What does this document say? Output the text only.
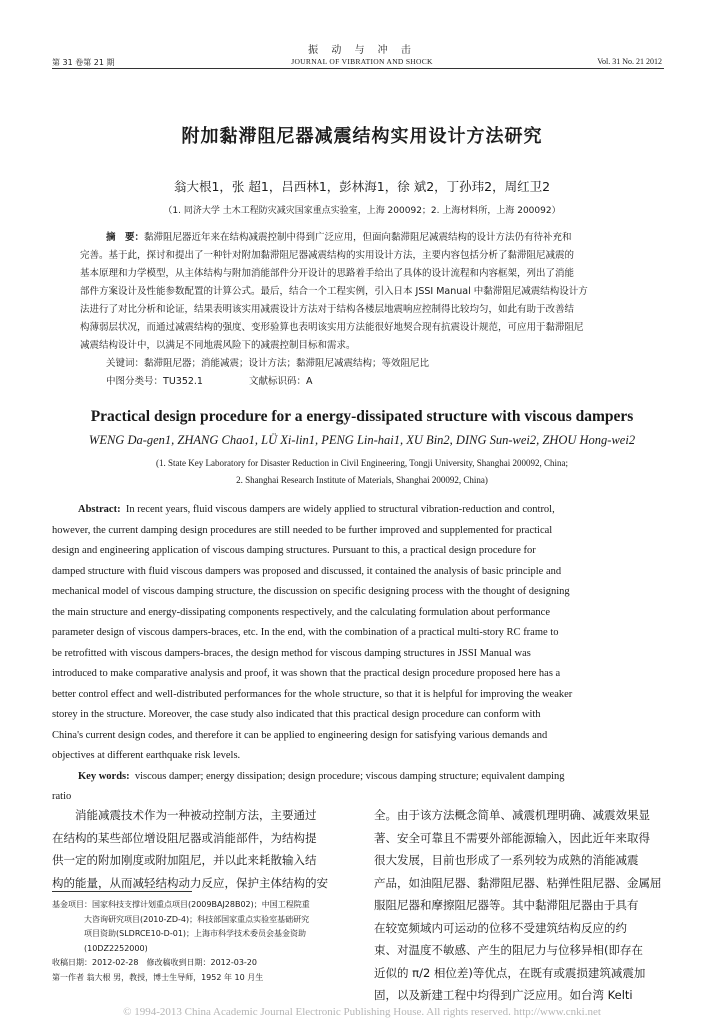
振 动 与 冲 击
第 31 卷第 21 期	JOURNAL OF VIBRATION AND SHOCK	Vol. 31 No. 21 2012
附加黏滞阻尼器减震结构实用设计方法研究
翁大根1，张 超1，吕西林1，彭林海1，徐 斌2，丁孙玮2，周红卫2
（1. 同济大学 土木工程防灾减灾国家重点实验室，上海 200092；2. 上海材料所，上海 200092）
摘　要：黏滞阻尼器近年来在结构减震控制中得到广泛应用，但面向黏滞阻尼减震结构的设计方法仍有待补充和
完善。基于此，探讨和提出了一种针对附加黏滞阻尼器减震结构的实用设计方法，主要内容包括分析了黏滞阻尼减震的
基本原理和力学模型，从主体结构与附加消能部件分开设计的思路着手给出了具体的设计流程和内容框架，列出了消能
部件方案设计及性能参数配置的计算公式。最后，结合一个工程实例，引入日本 JSSI Manual 中黏滞阻尼减震结构设计方
法进行了对比分析和论证，结果表明该实用减震设计方法对于结构各楼层地震响应控制得比较均匀，如此有助于改善结
构薄弱层状况，而通过减震结构的强度、变形验算也表明该实用方法能很好地契合现有抗震设计规范，可应用于黏滞阻尼
减震结构设计中，以满足不同地震风险下的减震控制目标和需求。
关键词：黏滞阻尼器；消能减震；设计方法；黏滞阻尼减震结构；等效阻尼比
中图分类号：TU352.1	文献标识码：A
Practical design procedure for a energy-dissipated structure with viscous dampers
WENG Da-gen1, ZHANG Chao1, LÜ Xi-lin1, PENG Lin-hai1, XU Bin2, DING Sun-wei2, ZHOU Hong-wei2
(1. State Key Laboratory for Disaster Reduction in Civil Engineering, Tongji University, Shanghai 200092, China;
2. Shanghai Research Institute of Materials, Shanghai 200092, China)
Abstract: In recent years, fluid viscous dampers are widely applied to structural vibration-reduction and control,
however, the current damping design procedures are still needed to be further improved and supplemented for practical
design and engineering application of viscous damping structures. Pursuant to this, a practical design procedure for
damped structure with fluid viscous dampers was proposed and discussed, it contained the analysis of basic principle and
mechanical model of viscous damping structure, the discussion on specific designing process with the thought of designing
the main structure and energy-dissipating components respectively, and the calculating formulation about performance
parameter design of viscous dampers-braces, etc. In the end, with the combination of a practical multi-story RC frame to
be retrofitted with viscous dampers-braces, the design method for viscous damping structures in JSSI Manual was
introduced to make comparative analysis and proof, it was shown that the practical design procedure proposed here has a
better control effect and well-distributed performances for the whole structure, so that it is helpful for improving the weaker
storey in the structure. Moreover, the case study also indicated that this practical design procedure can conform with
China's current design codes, and therefore it can be applied to engineering design for satisfying various demands and
objectives at different earthquake risk levels.
Key words: viscous damper; energy dissipation; design procedure; viscous damping structure; equivalent damping
ratio
　　消能减震技术作为一种被动控制方法，主要通过
在结构的某些部位增设阻尼器或消能部件，为结构提
供一定的附加刚度或附加阻尼，并以此来耗散输入结
构的能量，从而减轻结构动力反应，保护主体结构的安
基金项目：国家科技支撑计划重点项目(2009BAJ28B02)；中国工程院重
　　　　大咨询研究项目(2010-ZD-4)；科技部国家重点实验室基础研究
　　　　项目资助(SLDRCE10-D-01)；上海市科学技术委员会基金资助
　　　　(10DZ2252000)
收稿日期：2012-02-28　修改稿收到日期：2012-03-20
第一作者 翁大根 男，教授，博士生导师，1952 年 10 月生
全。由于该方法概念简单、减震机理明确、减震效果显
著、安全可靠且不需要外部能源输入，因此近年来取得
很大发展，目前也形成了一系列较为成熟的消能减震
产品，如油阻尼器、黏滞阻尼器、粘弹性阻尼器、金属屈
服阻尼器和摩擦阻尼器等。其中黏滞阻尼器由于具有
在较宽频域内可运动的位移不受建筑结构反应的约
束、对温度不敏感、产生的阻尼力与位移异相(即存在
近似的 π/2 相位差)等优点，在既有或震损建筑减震加
固，以及新建工程中均得到广泛应用。如台湾 Kelti
© 1994-2013 China Academic Journal Electronic Publishing House. All rights reserved. http://www.cnki.net
